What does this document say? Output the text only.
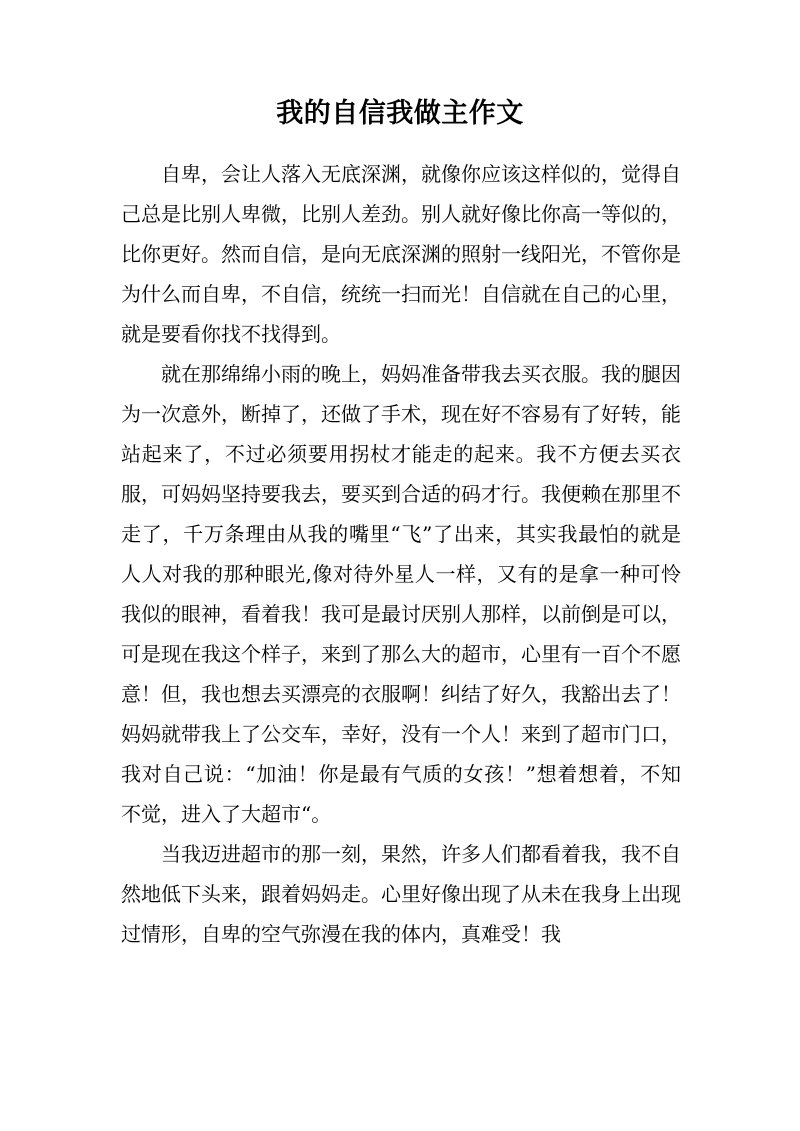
我的自信我做主作文

自卑，会让人落入无底深渊，就像你应该这样似的，觉得自己总是比别人卑微，比别人差劲。别人就好像比你高一等似的，比你更好。然而自信，是向无底深渊的照射一线阳光，不管你是为什么而自卑，不自信，统统一扫而光！自信就在自己的心里，就是要看你找不找得到。

就在那绵绵小雨的晚上，妈妈准备带我去买衣服。我的腿因为一次意外，断掉了，还做了手术，现在好不容易有了好转，能站起来了，不过必须要用拐杖才能走的起来。我不方便去买衣服，可妈妈坚持要我去，要买到合适的码才行。我便赖在那里不走了，千万条理由从我的嘴里“飞”了出来，其实我最怕的就是人人对我的那种眼光,像对待外星人一样，又有的是拿一种可怜我似的眼神，看着我！我可是最讨厌别人那样，以前倒是可以，可是现在我这个样子，来到了那么大的超市，心里有一百个不愿意！但，我也想去买漂亮的衣服啊！纠结了好久，我豁出去了！妈妈就带我上了公交车，幸好，没有一个人！来到了超市门口，我对自己说：“加油！你是最有气质的女孩！”想着想着，不知不觉，进入了大超市“。

当我迈进超市的那一刻，果然，许多人们都看着我，我不自然地低下头来，跟着妈妈走。心里好像出现了从未在我身上出现过情形，自卑的空气弥漫在我的体内，真难受！我
